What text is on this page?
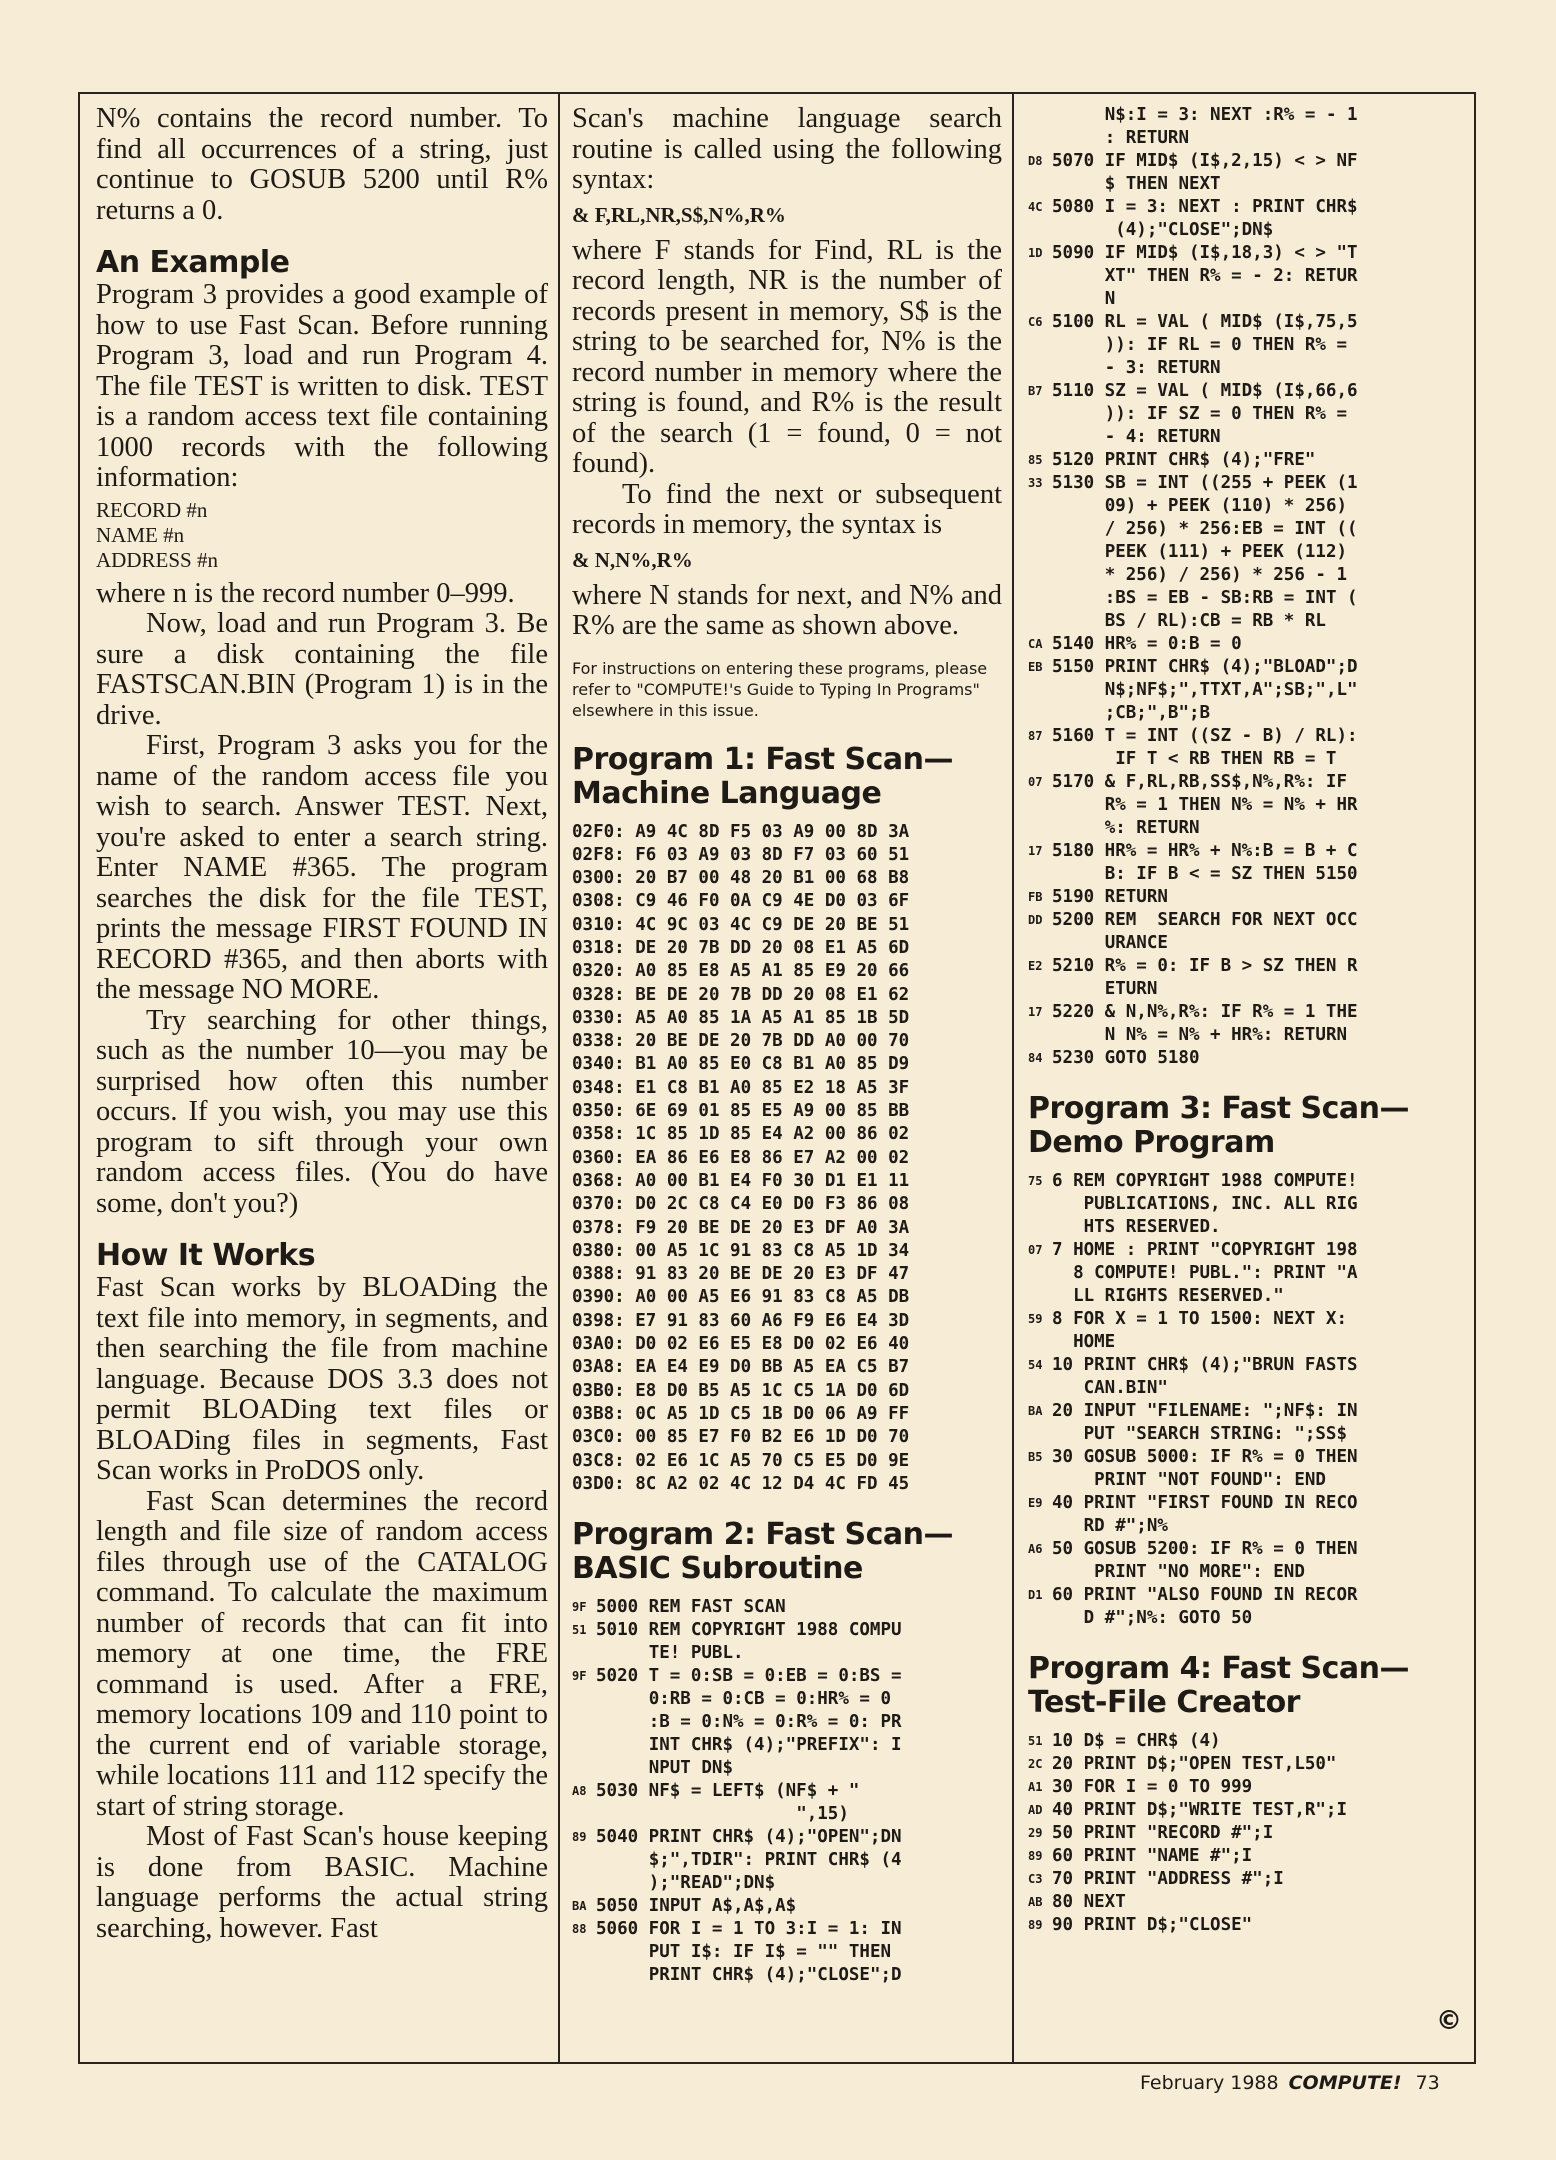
N% contains the record number. To find all occurrences of a string, just continue to GOSUB 5200 until R% returns a 0.

An Example

Program 3 provides a good example of how to use Fast Scan. Before running Program 3, load and run Program 4. The file TEST is written to disk. TEST is a random access text file containing 1000 records with the following information:

RECORD #n
NAME #n
ADDRESS #n

where n is the record number 0–999.

Now, load and run Program 3. Be sure a disk containing the file FASTSCAN.BIN (Program 1) is in the drive.

First, Program 3 asks you for the name of the random access file you wish to search. Answer TEST. Next, you're asked to enter a search string. Enter NAME #365. The program searches the disk for the file TEST, prints the message FIRST FOUND IN RECORD #365, and then aborts with the message NO MORE.

Try searching for other things, such as the number 10—you may be surprised how often this number occurs. If you wish, you may use this program to sift through your own random access files. (You do have some, don't you?)

How It Works

Fast Scan works by BLOADing the text file into memory, in segments, and then searching the file from machine language. Because DOS 3.3 does not permit BLOADing text files or BLOADing files in segments, Fast Scan works in ProDOS only.

Fast Scan determines the record length and file size of random access files through use of the CATALOG command. To calculate the maximum number of records that can fit into memory at one time, the FRE command is used. After a FRE, memory locations 109 and 110 point to the current end of variable storage, while locations 111 and 112 specify the start of string storage.

Most of Fast Scan's house keeping is done from BASIC. Machine language performs the actual string searching, however. Fast

Scan's machine language search routine is called using the following syntax:

& F,RL,NR,S$,N%,R%

where F stands for Find, RL is the record length, NR is the number of records present in memory, S$ is the string to be searched for, N% is the record number in memory where the string is found, and R% is the result of the search (1 = found, 0 = not found).

To find the next or subsequent records in memory, the syntax is

& N,N%,R%

where N stands for next, and N% and R% are the same as shown above.

For instructions on entering these programs, please refer to "COMPUTE!'s Guide to Typing In Programs" elsewhere in this issue.

Program 1: Fast Scan—Machine Language
02F0: A9 4C 8D F5 03 A9 00 8D 3A
02F8: F6 03 A9 03 8D F7 03 60 51
0300: 20 B7 00 48 20 B1 00 68 B8
0308: C9 46 F0 0A C9 4E D0 03 6F
0310: 4C 9C 03 4C C9 DE 20 BE 51
0318: DE 20 7B DD 20 08 E1 A5 6D
0320: A0 85 E8 A5 A1 85 E9 20 66
0328: BE DE 20 7B DD 20 08 E1 62
0330: A5 A0 85 1A A5 A1 85 1B 5D
0338: 20 BE DE 20 7B DD A0 00 70
0340: B1 A0 85 E0 C8 B1 A0 85 D9
0348: E1 C8 B1 A0 85 E2 18 A5 3F
0350: 6E 69 01 85 E5 A9 00 85 BB
0358: 1C 85 1D 85 E4 A2 00 86 02
0360: EA 86 E6 E8 86 E7 A2 00 02
0368: A0 00 B1 E4 F0 30 D1 E1 11
0370: D0 2C C8 C4 E0 D0 F3 86 08
0378: F9 20 BE DE 20 E3 DF A0 3A
0380: 00 A5 1C 91 83 C8 A5 1D 34
0388: 91 83 20 BE DE 20 E3 DF 47
0390: A0 00 A5 E6 91 83 C8 A5 DB
0398: E7 91 83 60 A6 F9 E6 E4 3D
03A0: D0 02 E6 E5 E8 D0 02 E6 40
03A8: EA E4 E9 D0 BB A5 EA C5 B7
03B0: E8 D0 B5 A5 1C C5 1A D0 6D
03B8: 0C A5 1D C5 1B D0 06 A9 FF
03C0: 00 85 E7 F0 B2 E6 1D D0 70
03C8: 02 E6 1C A5 70 C5 E5 D0 9E
03D0: 8C A2 02 4C 12 D4 4C FD 45
Program 2: Fast Scan—BASIC Subroutine
9F 5000 REM FAST SCAN
51 5010 REM COPYRIGHT 1988 COMPU
TE! PUBL.
9F 5020 T = 0:SB = 0:EB = 0:BS =
0:RB = 0:CB = 0:HR% = 0
:B = 0:N% = 0:R% = 0: PR
INT CHR$ (4);"PREFIX": I
NPUT DN$
A8 5030 NF$ = LEFT$ (NF$ + "
",15)
89 5040 PRINT CHR$ (4);"OPEN";DN
$;",TDIR": PRINT CHR$ (4
);"READ";DN$
BA 5050 INPUT A$,A$,A$
88 5060 FOR I = 1 TO 3:I = 1: IN
PUT I$: IF I$ = "" THEN
PRINT CHR$ (4);"CLOSE";D
N$:I = 3: NEXT :R% = - 1
: RETURN
D8 5070 IF MID$ (I$,2,15) < > NF
$ THEN NEXT
4C 5080 I = 3: NEXT : PRINT CHR$
(4);"CLOSE";DN$
1D 5090 IF MID$ (I$,18,3) < > "T
XT" THEN R% = - 2: RETUR
N
C6 5100 RL = VAL ( MID$ (I$,75,5
)): IF RL = 0 THEN R% =
- 3: RETURN
B7 5110 SZ = VAL ( MID$ (I$,66,6
)): IF SZ = 0 THEN R% =
- 4: RETURN
85 5120 PRINT CHR$ (4);"FRE"
33 5130 SB = INT ((255 + PEEK (1
09) + PEEK (110) * 256)
/ 256) * 256:EB = INT ((
PEEK (111) + PEEK (112)
* 256) / 256) * 256 - 1
:BS = EB - SB:RB = INT (
BS / RL):CB = RB * RL
CA 5140 HR% = 0:B = 0
EB 5150 PRINT CHR$ (4);"BLOAD";D
N$;NF$;",TTXT,A";SB;",L"
;CB;",B";B
87 5160 T = INT ((SZ - B) / RL):
IF T < RB THEN RB = T
07 5170 & F,RL,RB,SS$,N%,R%: IF
R% = 1 THEN N% = N% + HR
%: RETURN
17 5180 HR% = HR% + N%:B = B + C
B: IF B < = SZ THEN 5150
FB 5190 RETURN
DD 5200 REM  SEARCH FOR NEXT OCC
URANCE
E2 5210 R% = 0: IF B > SZ THEN R
ETURN
17 5220 & N,N%,R%: IF R% = 1 THE
N N% = N% + HR%: RETURN
84 5230 GOTO 5180
Program 3: Fast Scan—Demo Program
75 6 REM COPYRIGHT 1988 COMPUTE!
PUBLICATIONS, INC. ALL RIG
HTS RESERVED.
07 7 HOME : PRINT "COPYRIGHT 198
8 COMPUTE! PUBL.": PRINT "A
LL RIGHTS RESERVED."
59 8 FOR X = 1 TO 1500: NEXT X:
HOME
54 10 PRINT CHR$ (4);"BRUN FASTS
CAN.BIN"
BA 20 INPUT "FILENAME: ";NF$: IN
PUT "SEARCH STRING: ";SS$
B5 30 GOSUB 5000: IF R% = 0 THEN
PRINT "NOT FOUND": END
E9 40 PRINT "FIRST FOUND IN RECO
RD #";N%
A6 50 GOSUB 5200: IF R% = 0 THEN
PRINT "NO MORE": END
D1 60 PRINT "ALSO FOUND IN RECOR
D #";N%: GOTO 50
Program 4: Fast Scan—Test-File Creator
51 10 D$ = CHR$ (4)
2C 20 PRINT D$;"OPEN TEST,L50"
A1 30 FOR I = 0 TO 999
AD 40 PRINT D$;"WRITE TEST,R";I
29 50 PRINT "RECORD #";I
89 60 PRINT "NAME #";I
C3 70 PRINT "ADDRESS #";I
AB 80 NEXT
89 90 PRINT D$;"CLOSE"
©
February 1988 COMPUTE! 73
